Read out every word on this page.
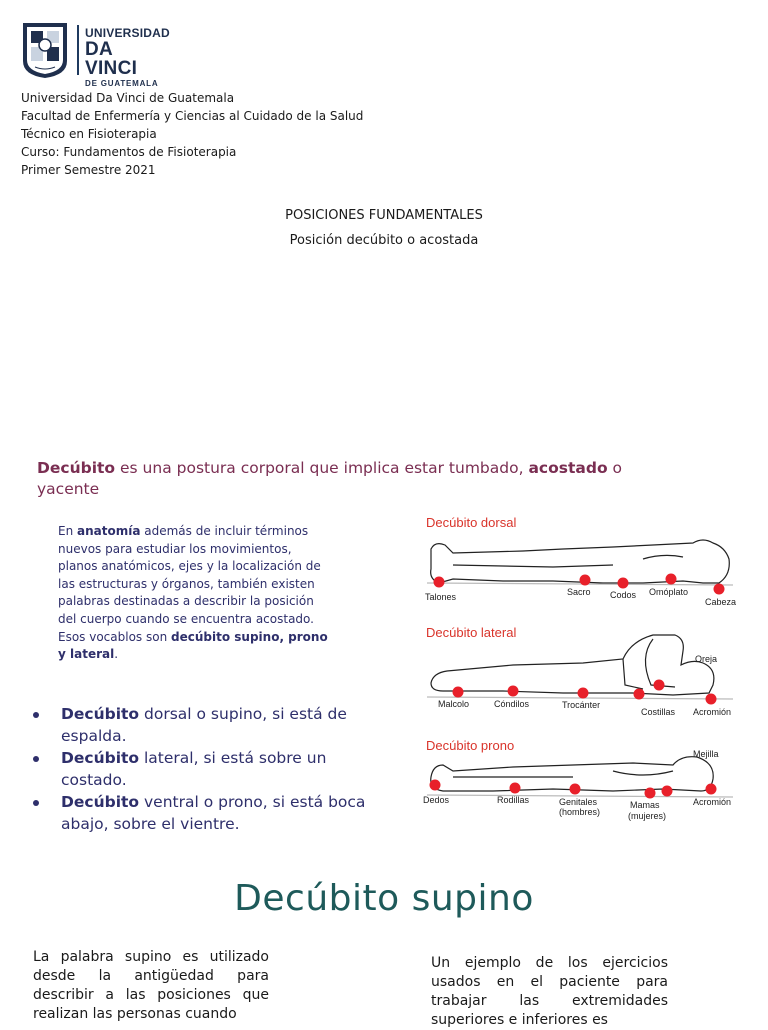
UNIVERSIDAD
DA VINCI
DE GUATEMALA
Universidad Da Vinci de Guatemala
Facultad de Enfermería y Ciencias al Cuidado de la Salud
Técnico en Fisioterapia
Curso: Fundamentos de Fisioterapia
Primer Semestre 2021
POSICIONES FUNDAMENTALES
Posición decúbito o acostada
Decúbito es una postura corporal que implica estar tumbado, acostado o yacente
En anatomía además de incluir términos nuevos para estudiar los movimientos, planos anatómicos, ejes y la localización de las estructuras y órganos, también existen palabras destinadas a describir la posición del cuerpo cuando se encuentra acostado. Esos vocablos son decúbito supino, prono y lateral.
Decúbito dorsal o supino, si está de espalda.
Decúbito lateral, si está sobre un costado.
Decúbito ventral o prono, si está boca abajo, sobre el vientre.
Decúbito dorsal
Talones	Sacro Codos Omóplato
Cabeza
Decúbito lateral
Oreja
Malcolo	Cóndilos	Trocánter
Costillas Acromión
Decúbito prono
Mejilla
Dedos	Rodillas	Genitales
(hombres)
Mamas
(mujeres)
Acromión
Decúbito supino
La palabra supino es utilizado desde la antigüedad para describir a las posiciones que realizan las personas cuando
Un ejemplo de los ejercicios usados en el paciente para trabajar las extremidades superiores e inferiores es
